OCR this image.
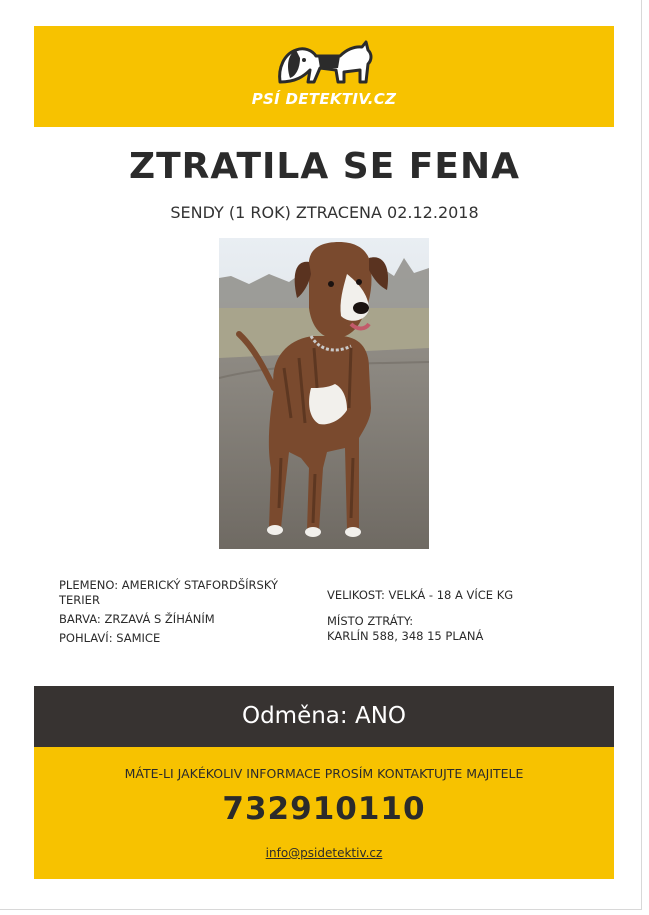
PSÍ DETEKTIV.CZ
ZTRATILA SE FENA
SENDY (1 ROK) ZTRACENA 02.12.2018
PLEMENO: AMERICKÝ STAFORDŠÍRSKÝ TERIER
BARVA: ZRZAVÁ S ŽÍHÁNÍM
POHLAVÍ: SAMICE
VELIKOST: VELKÁ - 18 A VÍCE KG
MÍSTO ZTRÁTY:
KARLÍN 588, 348 15 PLANÁ
Odměna: ANO
MÁTE-LI JAKÉKOLIV INFORMACE PROSÍM KONTAKTUJTE MAJITELE
732910110
info@psidetektiv.cz
